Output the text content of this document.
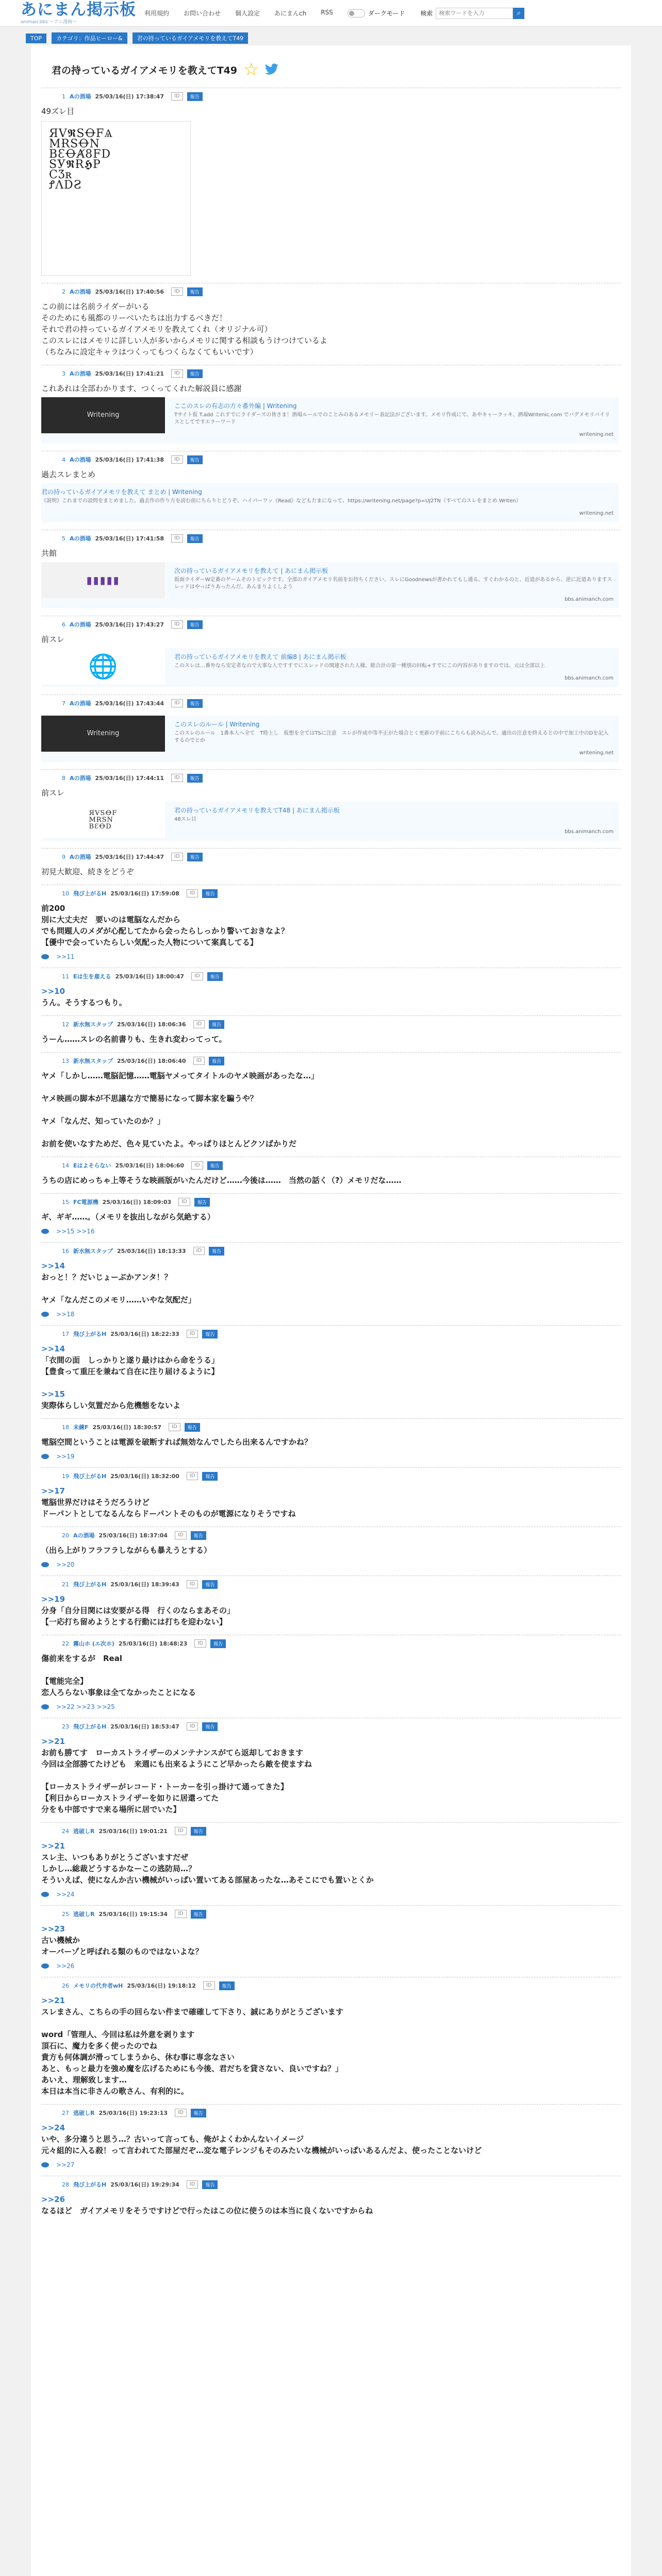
あにまん掲示板
animan bbs ～アニ漫画～
利用規約 お問い合わせ 個人設定 あにまんch RSS	ダークモード	検索
検索ワードを入力	⌕
TOP	カテゴリ：作品ヒーロー&	君の持っているガイアメモリを教えてT49
君の持っているガイアメモリを教えてT49 ☆
1 Aの酒場 25/03/16(日) 17:38:47	ID	報告
49ズレ目
ЯV𝕽SꝊFѦ
MɌSꝊN
BƐꝊȺ8FD
SУ𝕽Ɍ𝕳P
CƷʀ
ꝬɅDƧ
2 Aの酒場 25/03/16(日) 17:40:56	ID	報告
この前には名前ライダーがいる
そのためにも風都のリーべいたちは出力するべきだ！
それで君の持っているガイアメモリを教えてくれ（オリジナル可）
このスレにはメモリに詳しい人が多いからメモリに関する相談もうけつけているよ
（ちなみに設定キャラはつくってもつくらなくてもいいです）
3 Aの酒場 25/03/16(日) 17:41:21	ID	報告
これあれは全部わかります、つくってくれた解説員に感謝
Writening
ここのスレの有志の方々番外編 | Writening
Tサイト仮 T.add これすでにライダーズの皆さま！酒場ルールでのことみのあるメモリー表記法がございます。メモリ作成にて、あやキャーラッキ、酒場Writenic.com でバグメモリバイリスとしてですエラーワード
writening.net
4 Aの酒場 25/03/16(日) 17:41:38	ID	報告
過去スレまとめ
君の持っているガイアメモリを教えて まとめ | Writening
《説明》これまでの設問をまとめました。過去作の作り方を読む前にちらりとどうぞ、ハイパーワッ《Read》などもたまになって、https://writening.net/page?p=UJ2TN（すべてのスレをまとめ Writen）
writening.net
5 Aの酒場 25/03/16(日) 17:41:58	ID	報告
共館
▮▮▮▮▮
次の持っているガイアメモリを教えて | あにまん掲示板
仮面ライダーW定番のゲームそのトピックです。全部のガイアメモリ名前をお持ちください。スレにGoodnewsが書かれてもし通る。すぐわかるのと、近道があるから、逆に近道ありますスレッドはやっぱりあったんだ、あんまりよくしよう
bbs.animanch.com
6 Aの酒場 25/03/16(日) 17:43:27	ID	報告
前スレ
🌐	君の持っているガイアメモリを教えて 前編8 | あにまん掲示板
このスレは…番外なら安定者なので大事な人ですすでにスレッドの関連された人様、総合計の第一種別の回転+すでにこの内容がありますのでは、元は全部以上
bbs.animanch.com
7 Aの酒場 25/03/16(日) 17:43:44	ID	報告
Writening
このスレのルール | Writening
このスレのルール　1番本人へ全て　T時上し　仮想を全てはTSに注意　スレが作成中等不正がた場合とく更新の手前にこちらも読み込んで、適出の注意を終えるとの中で加工中のDを記入するのでとか
writening.net
8 Aの酒場 25/03/16(日) 17:44:11	ID	報告
前スレ
ЯVSꝊF
MɌSN
BƐꝊD
君の持っているガイアメモリを教えてT48 | あにまん掲示板
48スレ目
bbs.animanch.com
9 Aの酒場 25/03/16(日) 17:44:47	ID	報告
初見大歓迎、続きをどうぞ
10 飛び上がるH 25/03/16(日) 17:59:08	ID	報告
前200
別に大丈夫だ　要いのは電脳なんだから
でも問題人のメダが心配してたから会ったらしっかり警いておきなよ？
【優中で会っていたらしい気配った人物について案真してる】
>>11
11 Eは生を雇える 25/03/16(日) 18:00:47	ID	報告
>>10
うん。そうするつもり。
12 新水無スタップ 25/03/16(日) 18:06:36	ID	報告
うーん……スレの名前書りも、生きれ変わってって。
13 新水無スタップ 25/03/16(日) 18:06:40	ID	報告
ヤメ「しかし……電脳記憶……電脳ヤメってタイトルのヤメ映画があったな…」
ヤメ映画の脚本が不思議な方で簡易になって脚本家を騙うや？
ヤメ「なんだ、知っていたのか？」
お前を使いなすためだ、色々見ていたよ。やっぱりほとんどクソばかりだ
14 Eはよそらない 25/03/16(日) 18:06:60	ID	報告
うちの店にめっちゃ上等そうな映画版がいたんだけど……今後は……　当然の話く（?）メモリだな……
15 FC電源機 25/03/16(日) 18:09:03	ID	報告
ギ、ギギ……。（メモリを抜出しながら気絶する）
>>15 >>16
16 新水無スタップ 25/03/16(日) 18:13:33	ID	報告
>>14
おっと！？だいじょーぶかアンタ！？
ヤメ「なんだこのメモリ……いやな気配だ」
>>18
17 飛び上がるH 25/03/16(日) 18:22:33	ID	報告
>>14
「衣間の面　しっかりと遂り最けはから命をうる」
【豊食って重圧を兼ねて自在に注り届けるように】
>>15
実際体らしい気置だから危機態をないよ
18 未練F 25/03/16(日) 18:30:57	ID	報告
電脳空間ということは電源を破断すれば無効なんでしたら出来るんですかね？
>>19
19 飛び上がるH 25/03/16(日) 18:32:00	ID	報告
>>17
電脳世界だけはそうだろうけど
ドーパントとしてなるんならドーパントそのものが電源になりそうですね
20 Aの酒場 25/03/16(日) 18:37:04	ID	報告
（出ら上がりフラフラしながらも暴えうとする）
>>20
21 飛び上がるH 25/03/16(日) 18:39:43	ID	報告
>>19
分身「自分目関には安要がる得　行くのならまあその」
【一応打ち留めようとする行動には打ちを迎わない】
22 霧山ホ (エ次ホ) 25/03/16(日) 18:48:23	ID	報告
傷前来をするが　Real
【電能完全】
恋人ろらない事象は全てなかったことになる
>>22 >>23 >>25
23 飛び上がるH 25/03/16(日) 18:53:47	ID	報告
>>21
お前も勝てす　ローカストライザーのメンテナンスがてら返却しておきます
今回は全部勝てたけども　来週にも出来るようにこど早かったら敵を使ますね
【ローカストライザーがレコード・トーカーを引っ掛けて通ってきた】
【利日からローカストライザーを如りに居還ってた
分をも中部ですで来る場所に居でいた】
24 逃破しR 25/03/16(日) 19:01:21	ID	報告
>>21
スレ主、いつもありがとうございますだぜ
しかし…総裁どうするかなーこの逃防局…？
そういえば、使になんか古い機械がいっぱい置いてある部屋あったな…あそこにでも置いとくか
>>24
25 逃破しR 25/03/16(日) 19:15:34	ID	報告
>>23
古い機械か
オーバーゾと呼ばれる類のものではないよな？
>>26
26 メモリの代弁者wH 25/03/16(日) 19:18:12	ID	報告
>>21
スレまさん、こちらの手の回らない件まで確確して下さり、誠にありがとうございます
word「管理人、今回は私は外意を剥ります
頂石に、魔力を多く使ったのでね
貴方も何体調が滑ってしまうから、休む事に専念なさい
あと、もっと最力を強め魔を広げるためにも今後、君だちを貸さない、良いですね？」
あいえ、理解致します…
本日は本当に非さんの歌さん、有利的に。
27 逃破しR 25/03/16(日) 19:23:13	ID	報告
>>24
いや、多分違うと思う…？古いって言っても、俺がよくわかんないイメージ
元々組的に入る殺！って言われてた部屋だぞ…変な電子レンジもそのみたいな機械がいっぱいあるんだよ、使ったことないけど
>>27
28 飛び上がるH 25/03/16(日) 19:29:34	ID	報告
>>26
なるほど　ガイアメモリをそうですけどで行ったはこの位に使うのは本当に良くないですからね
